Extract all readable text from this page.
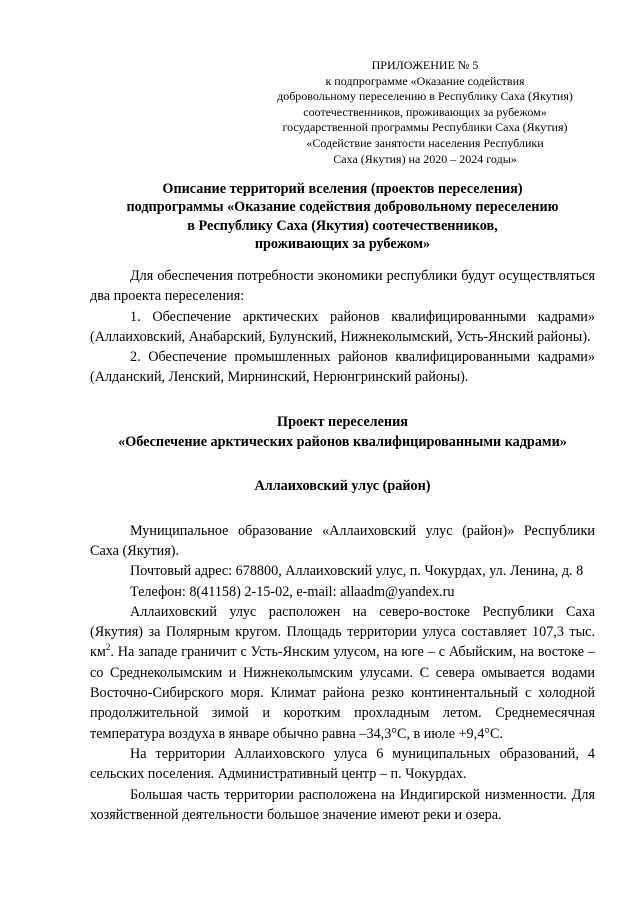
ПРИЛОЖЕНИЕ № 5
к подпрограмме «Оказание содействия
добровольному переселению в Республику Саха (Якутия)
соотечественников, проживающих за рубежом»
государственной программы Республики Саха (Якутия)
«Содействие занятости населения Республики
Саха (Якутия) на 2020 – 2024 годы»
Описание территорий вселения (проектов переселения)
подпрограммы «Оказание содействия добровольному переселению
в Республику Саха (Якутия) соотечественников,
проживающих за рубежом»

Для обеспечения потребности экономики республики будут осуществляться два проекта переселения:

1. Обеспечение арктических районов квалифицированными кадрами» (Аллаиховский, Анабарский, Булунский, Нижнеколымский, Усть-Янский районы).

2. Обеспечение промышленных районов квалифицированными кадрами» (Алданский, Ленский, Мирнинский, Нерюнгринский районы).

Проект переселения
«Обеспечение арктических районов квалифицированными кадрами»
Аллаиховский улус (район)

Муниципальное образование «Аллаиховский улус (район)» Республики Саха (Якутия).

Почтовый адрес: 678800, Аллаиховский улус, п. Чокурдах, ул. Ленина, д. 8

Телефон: 8(41158) 2-15-02, e-mail: allaadm@yandex.ru

Аллаиховский улус расположен на северо-востоке Республики Саха (Якутия) за Полярным кругом. Площадь территории улуса составляет 107,3 тыс. $км^2$. На западе граничит с Усть-Янским улусом, на юге – с Абыйским, на востоке – со Среднеколымским и Нижнеколымским улусами. С севера омывается водами Восточно-Сибирского моря. Климат района резко континентальный с холодной продолжительной зимой и коротким прохладным летом. Среднемесячная температура воздуха в январе обычно равна –34,3°С, в июле +9,4°С.

На территории Аллаиховского улуса 6 муниципальных образований, 4 сельских поселения. Административный центр – п. Чокурдах.

Большая часть территории расположена на Индигирской низменности. Для хозяйственной деятельности большое значение имеют реки и озера.
